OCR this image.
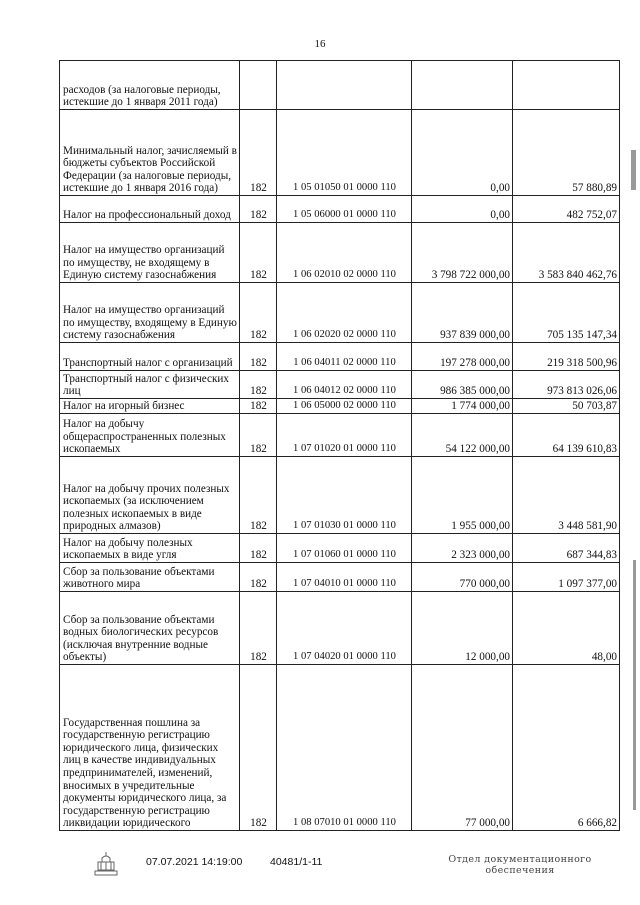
16
расходов (за налоговые периоды, истекшие до 1 января 2011 года)				

Минимальный налог, зачисляемый в бюджеты субъектов Российской Федерации (за налоговые периоды, истекшие до 1 января 2016 года)	182	1 05 01050 01 0000 110	0,00	57 880,89

Налог на профессиональный доход	182	1 05 06000 01 0000 110	0,00	482 752,07

Налог на имущество организаций по имуществу, не входящему в Единую систему газоснабжения	182	1 06 02010 02 0000 110	3 798 722 000,00	3 583 840 462,76

Налог на имущество организаций по имуществу, входящему в Единую систему газоснабжения	182	1 06 02020 02 0000 110	937 839 000,00	705 135 147,34

Транспортный налог с организаций	182	1 06 04011 02 0000 110	197 278 000,00	219 318 500,96

Транспортный налог с физических лиц	182	1 06 04012 02 0000 110	986 385 000,00	973 813 026,06

Налог на игорный бизнес	182	1 06 05000 02 0000 110	1 774 000,00	50 703,87

Налог на добычу общераспространенных полезных ископаемых	182	1 07 01020 01 0000 110	54 122 000,00	64 139 610,83

Налог на добычу прочих полезных ископаемых (за исключением полезных ископаемых в виде природных алмазов)	182	1 07 01030 01 0000 110	1 955 000,00	3 448 581,90

Налог на добычу полезных ископаемых в виде угля	182	1 07 01060 01 0000 110	2 323 000,00	687 344,83

Сбор за пользование объектами животного мира	182	1 07 04010 01 0000 110	770 000,00	1 097 377,00

Сбор за пользование объектами водных биологических ресурсов (исключая внутренние водные объекты)	182	1 07 04020 01 0000 110	12 000,00	48,00

Государственная пошлина за государственную регистрацию юридического лица, физических лиц в качестве индивидуальных предпринимателей, изменений, вносимых в учредительные документы юридического лица, за государственную регистрацию ликвидации юридического	182	1 08 07010 01 0000 110	77 000,00	6 666,82
07.07.2021 14:19:00	40481/1-11	Отдел документационного
обеспечения
